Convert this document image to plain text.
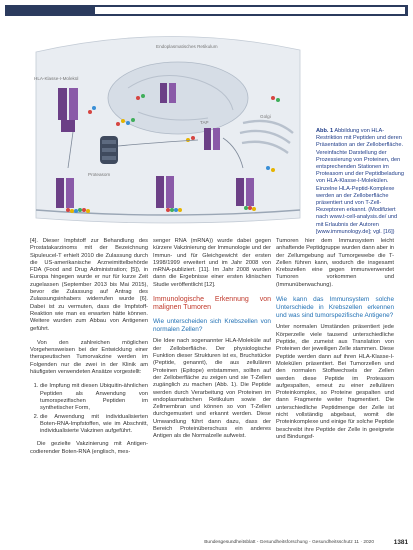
Endoplasmatisches Retikulum
HLA-Klasse-I-Molekül
Proteasom
TAP
Golgi
Abb. 1 Abbildung von HLA-Restriktion mit Peptiden und deren Präsentation an der Zelloberfläche. Vereinfachte Darstellung der Prozessierung von Proteinen, den entsprechenden Stationen im Proteasom und der Peptidbeladung von HLA-Klasse-I-Molekülen. Einzelne HLA-Peptid-Komplexe werden an der Zelloberfläche präsentiert und von T-Zell-Rezeptoren erkannt. (Modifiziert nach www.t-cell-analysis.de/ und mit Erlaubnis der Autoren [www.immunology.de]; vgl. [16])

[4]. Dieser Impfstoff zur Behandlung des Prostatakarzinoms mit der Bezeichnung Sipuleucel-T erhielt 2010 die Zulassung durch die US-amerikanische Arzneimittelbehörde FDA (Food and Drug Administration; [5]), in Europa hingegen wurde er nur für kurze Zeit zugelassen (September 2013 bis Mai 2015), bevor die Zulassung auf Antrag des Zulassungsinhabers widerrufen wurde [6]. Dabei ist zu vermuten, dass die Impfstoff-Reaktion wie man es erwarten hätte können. Weitere wurden zum Abbau von Antigenen geführt.

Von den zahlreichen möglichen Vorgehensweisen bei der Entwicklung einer therapeutischen Tumorvakzine werden im Folgenden nur die zwei in der Klinik am häufigsten verwendeten Ansätze vorgestellt:

1. die Impfung mit diesen Ubiquitin-ähnlichen Peptiden als Anwendung von tumorspezifischen Peptiden im synthetischer Form,
2. die Anwendung mit individualisierten Boten-RNA-Impfstoffen, wie im Abschnitt, individualisierte Vakzinen aufgeführt.

Die gezielte Vakzinierung mit Antigen-codierender Boten-RNA (englisch, mes-

senger RNA (mRNA)) wurde dabei gegen kürzere Vakzinierung der Immunologie und der Immun- und für Gleichgewicht der ersten 1998/1999 erweitert und im Jahr 2008 von mRNA-publiziert. [11]. Im Jahr 2008 wurden dann die Ergebnisse einer ersten klinischen Studie veröffentlicht [12].

Immunologische Erkennung von malignen Tumoren
Wie unterscheiden sich Krebszellen von normalen Zellen?

Die Idee nach sogenannter HLA-Moleküle auf der Zelloberfläche. Der physiologische Funktion dieser Strukturen ist es, Bruchstücke (Peptide, genannt), die aus zellulären Proteinen (Epitope) entstammen, sollten auf der Zelloberfläche zu zeigen und sie T-Zellen zugänglich zu machen (Abb. 1). Die Peptide werden durch Verarbeitung von Proteinen im endoplasmatischen Retikulum sowie der Zellmembran und können so von T-Zellen durchgemustert und erkannt werden. Diese Umwandlung führt dann dazu, dass der Bereich Proteinüberschuss ein anderes Antigen als die Normalzelle aufweist.

Tumoren hier dem Immunsystem leicht anhaftende Peptidgruppe wurden dann aber in der Zellumgebung auf Tumorgewebe die T-Zellen führen kann, wodurch die insgesamt Krebszellen eine gegen immunverwendet Tumoren vorkommen und (Immunüberwachung).

Wie kann das Immunsystem solche Unterschiede in Krebszellen erkennen und was sind tumorspezifische Antigene?

Unter normalen Umständen präsentiert jede Körperzelle viele tausend unterschiedliche Peptide, die zumeist aus Translation von Proteinen der jeweiligen Zelle stammen. Diese Peptide werden dann auf ihren HLA-Klasse-I-Molekülen präsentiert. Bei Tumorzellen und den normalen Stoffwechsels der Zellen werden diese Peptide im Proteasom aufgespalten, erneut zu einer zellulären Proteinkomplex, so Proteine gespalten und dann Fragmente weiter fragmentiert. Die unterschiedliche Peptidmenge der Zelle ist nicht vollständig abgebaut, womit die Proteinkomplexe und einige für solche Peptide beschreibt ihre Peptide der Zelle in geeignete und Bindungsf-

Bundesgesundheitsblatt - Gesundheitsforschung - Gesundheitsschutz 11 · 2020	1381
